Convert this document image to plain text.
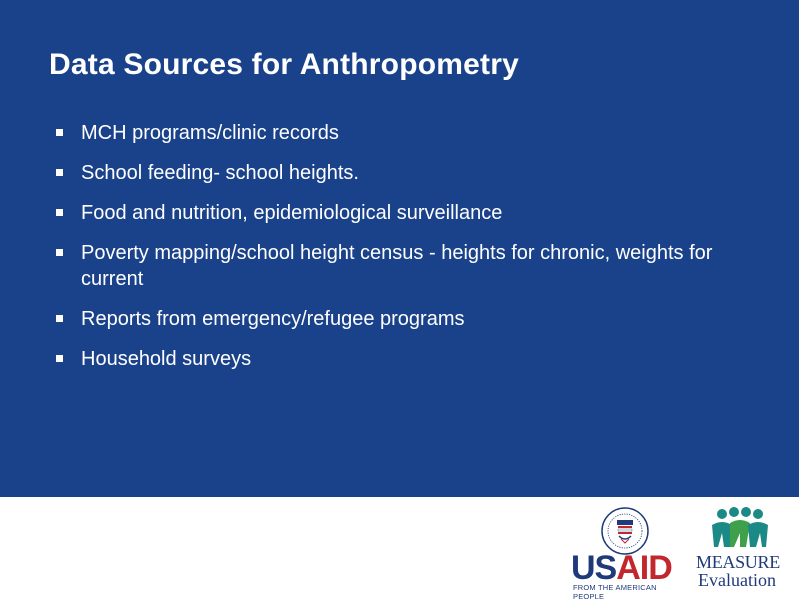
Data Sources for Anthropometry
MCH programs/clinic records
School feeding- school heights.
Food and nutrition, epidemiological surveillance
Poverty mapping/school height census - heights for chronic, weights for current
Reports from emergency/refugee programs
Household surveys
USAID
FROM THE AMERICAN PEOPLE
MEASURE
Evaluation
